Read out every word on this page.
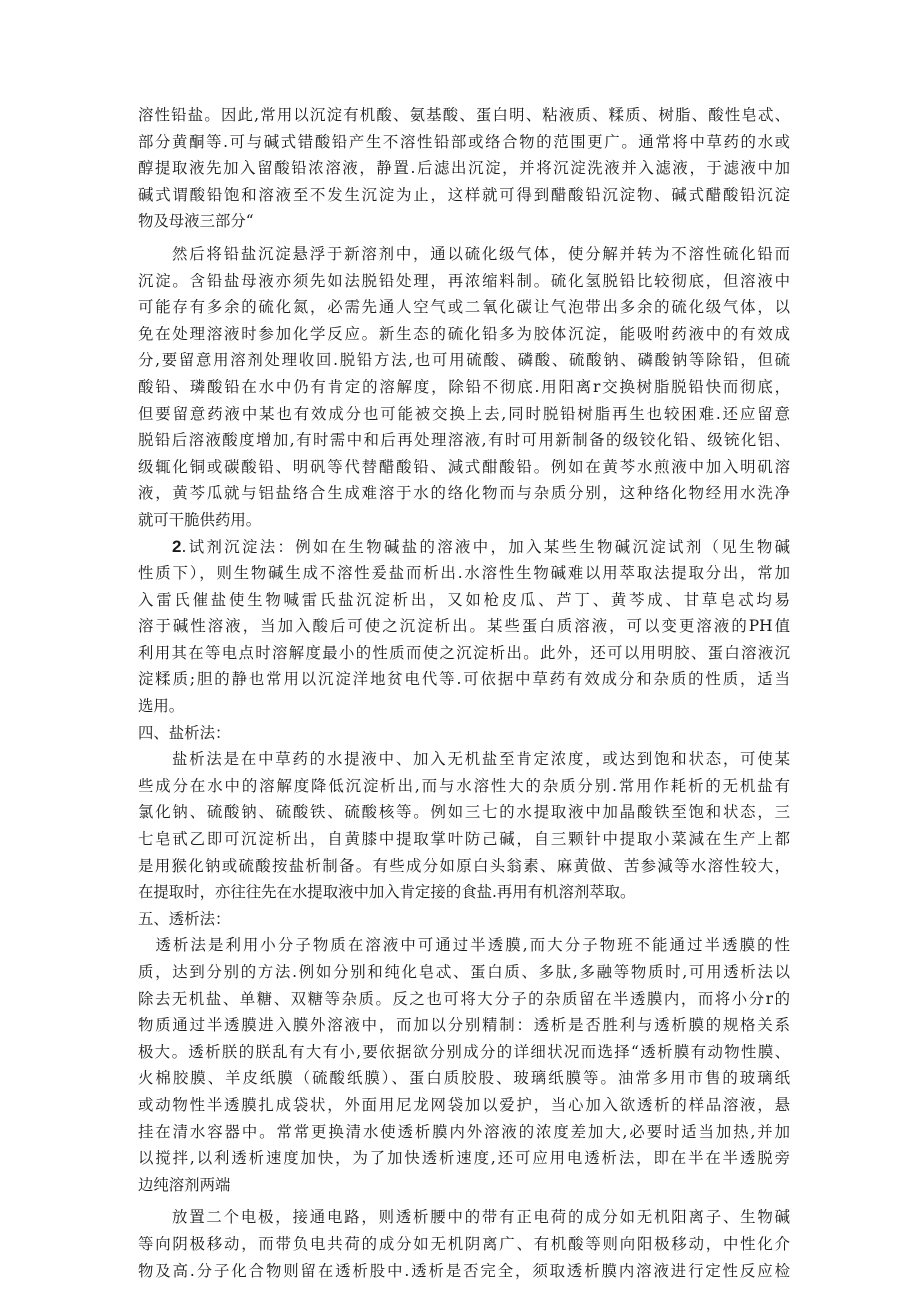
溶性铅盐。因此,常用以沉淀有机酸、氨基酸、蛋白明、粘液质、糅质、树脂、酸性皂忒、
部分黄酮等.可与碱式错酸铅产生不溶性铅部或络合物的范围更广。通常将中草药的水或
醇提取液先加入留酸铅浓溶液，静置.后滤出沉淀，并将沉淀洗液并入滤液，于滤液中加
碱式谓酸铅饱和溶液至不发生沉淀为止，这样就可得到醋酸铅沉淀物、碱式醋酸铅沉淀
物及母液三部分“
然后将铅盐沉淀悬浮于新溶剂中，通以硫化级气体，使分解并转为不溶性硫化铅而
沉淀。含铅盐母液亦须先如法脱铅处理，再浓缩料制。硫化氢脱铅比较彻底，但溶液中
可能存有多余的硫化氮，必需先通人空气或二氧化碳让气泡带出多余的硫化级气体，以
免在处理溶液时参加化学反应。新生态的硫化铅多为胶体沉淀，能吸咐药液中的有效成
分,要留意用溶剂处理收回.脱铅方法,也可用硫酸、磷酸、硫酸钠、磷酸钠等除铅，但硫
酸铅、璘酸铅在水中仍有肯定的溶解度，除铅不彻底.用阳离r交换树脂脱铅快而彻底，
但要留意药液中某也有效成分也可能被交换上去,同时脱铅树脂再生也较困难.还应留意
脱铅后溶液酸度增加,有时需中和后再处理溶液,有时可用新制备的级铰化铅、级铳化铝、
级辄化铜或碳酸铅、明矾等代替醋酸铅、減式酣酸铅。例如在黄芩水煎液中加入明矶溶
液，黄芩瓜就与铝盐络合生成难溶于水的络化物而与杂质分别，这种络化物经用水洗净
就可干脆供药用。
2.试剂沉淀法：例如在生物碱盐的溶液中，加入某些生物碱沉淀试剂（见生物碱
性质下），则生物碱生成不溶性爰盐而析出.水溶性生物碱难以用萃取法提取分出，常加
入雷氏催盐使生物喊雷氏盐沉淀析出，又如枪皮瓜、芦丁、黄芩成、甘草皂忒均易
溶于碱性溶液，当加入酸后可使之沉淀析出。某些蛋白质溶液，可以变更溶液的PH值
利用其在等电点时溶解度最小的性质而使之沉淀析出。此外，还可以用明胶、蛋白溶液沉
淀糅质;胆的静也常用以沉淀洋地贫电代等.可依据中草药有效成分和杂质的性质，适当
选用。
四、盐析法：
盐析法是在中草药的水提液中、加入无机盐至肯定浓度，或达到饱和状态，可使某
些成分在水中的溶解度降低沉淀析出,而与水溶性大的杂质分别.常用作耗析的无机盐有
氯化钠、硫酸钠、硫酸铁、硫酸核等。例如三七的水提取液中加晶酸铁至饱和状态，三
七皂甙乙即可沉淀析出，自黄膝中提取掌叶防己碱，自三颗针中提取小菜減在生产上都
是用猴化钠或硫酸按盐析制备。有些成分如原白头翁素、麻黄做、苦参減等水溶性较大，
在提取时，亦往往先在水提取液中加入肯定接的食盐.再用有机溶剂萃取。
五、透析法：
　透析法是利用小分子物质在溶液中可通过半透膜,而大分子物班不能通过半透膜的性
质，达到分别的方法.例如分别和纯化皂忒、蛋白质、多肽,多融等物质时,可用透析法以
除去无机盐、单糖、双糖等杂质。反之也可将大分子的杂质留在半透膜内，而将小分r的
物质通过半透膜进入膜外溶液中，而加以分别精制：透析是否胜利与透析膜的规格关系
极大。透析朕的朕乱有大有小,要依据欲分别成分的详细状况而选择“透析膜有动物性膜、
火棉胶膜、羊皮纸膜（硫酸纸膜）、蛋白质胶股、玻璃纸膜等。油常多用市售的玻璃纸
或动物性半透膜扎成袋状，外面用尼龙网袋加以爱护，当心加入欲透析的样品溶液，悬
挂在清水容器中。常常更换清水使透析膜内外溶液的浓度差加大,必要时适当加热,并加
以搅拌,以利透析速度加快，为了加快透析速度,还可应用电透析法，即在半在半透脱旁
边纯溶剂两端
放置二个电极，接通电路，则透析腰中的带有正电荷的成分如无机阳离子、生物碱
等向阴极移动，而带负电共荷的成分如无机阴离广、有机酸等则向阳极移动，中性化介
物及高.分子化合物则留在透析股中.透析是否完全，须取透析膜内溶液进行定性反应检
